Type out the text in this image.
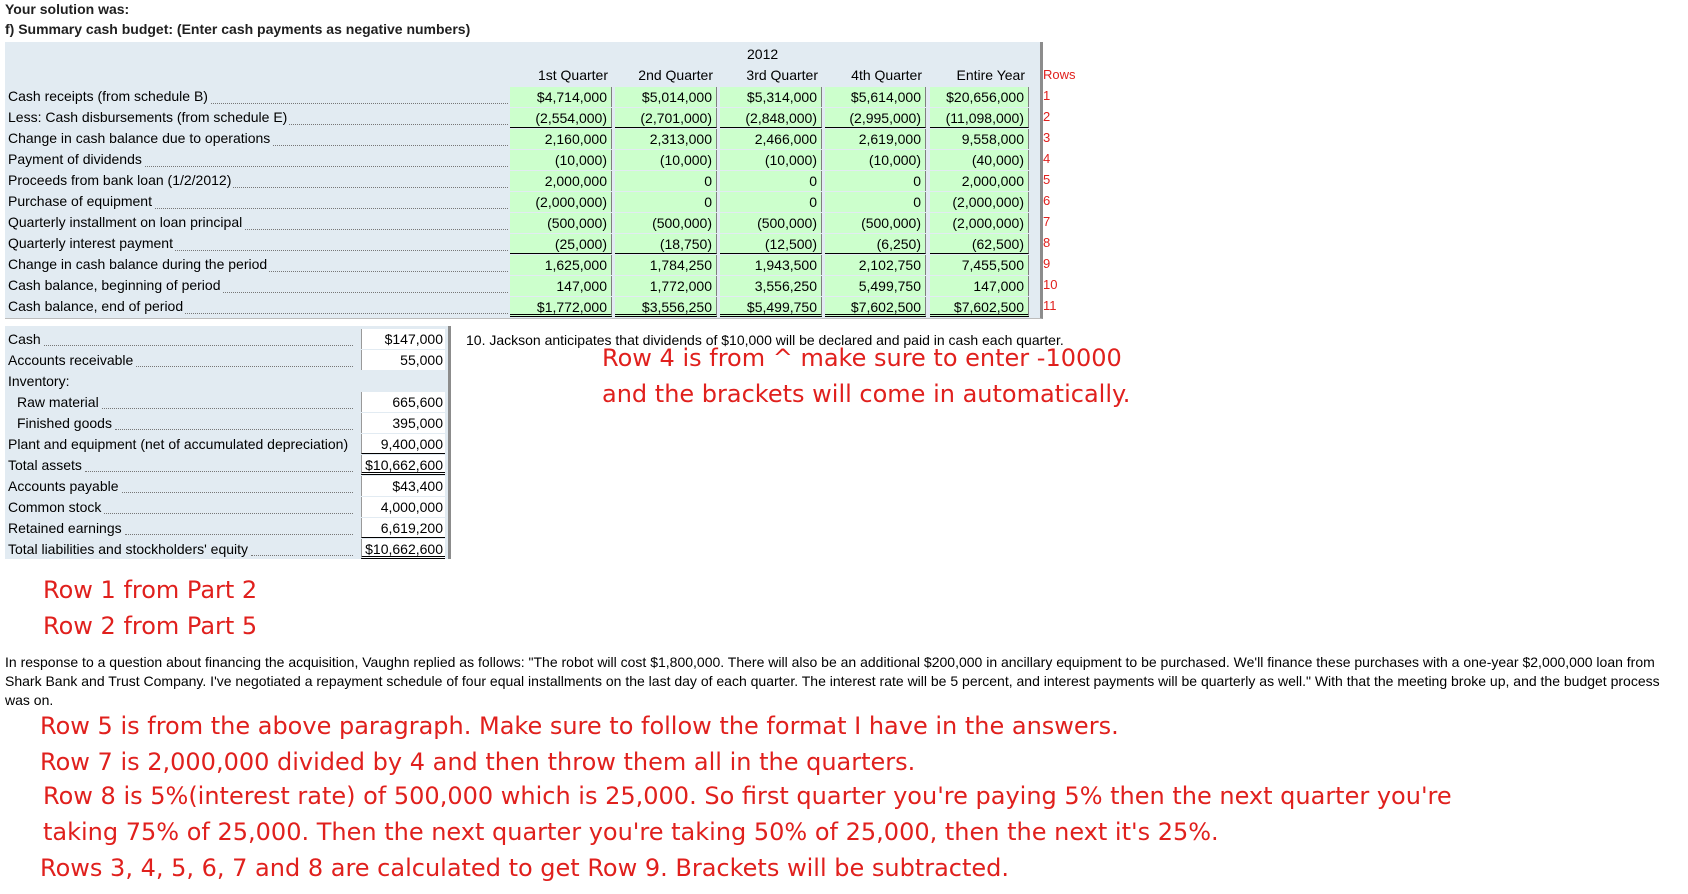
Your solution was:
f) Summary cash budget: (Enter cash payments as negative numbers)
2012
1st Quarter	2nd Quarter	3rd Quarter	4th Quarter	Entire Year
Cash receipts (from schedule B)	$4,714,000	$5,014,000	$5,314,000	$5,614,000	$20,656,000
Less: Cash disbursements (from schedule E)	(2,554,000)	(2,701,000)	(2,848,000)	(2,995,000)	(11,098,000)
Change in cash balance due to operations	2,160,000	2,313,000	2,466,000	2,619,000	9,558,000
Payment of dividends	(10,000)	(10,000)	(10,000)	(10,000)	(40,000)
Proceeds from bank loan (1/2/2012)	2,000,000	0	0	0	2,000,000
Purchase of equipment	(2,000,000)	0	0	0	(2,000,000)
Quarterly installment on loan principal	(500,000)	(500,000)	(500,000)	(500,000)	(2,000,000)
Quarterly interest payment	(25,000)	(18,750)	(12,500)	(6,250)	(62,500)
Change in cash balance during the period	1,625,000	1,784,250	1,943,500	2,102,750	7,455,500
Cash balance, beginning of period	147,000	1,772,000	3,556,250	5,499,750	147,000
Cash balance, end of period	$1,772,000	$3,556,250	$5,499,750	$7,602,500	$7,602,500
Rows
Cash	$147,000
Accounts receivable	55,000
Inventory:
Raw material	665,600
Finished goods	395,000
Plant and equipment (net of accumulated depreciation)	9,400,000
Total assets	$10,662,600
Accounts payable	$43,400
Common stock	4,000,000
Retained earnings	6,619,200
Total liabilities and stockholders' equity	$10,662,600
10. Jackson anticipates that dividends of $10,000 will be declared and paid in cash each quarter.
Row 4 is from ^ make sure to enter -10000
and the brackets will come in automatically.
Row 1 from Part 2
Row 2 from Part 5
In response to a question about financing the acquisition, Vaughn replied as follows: "The robot will cost $1,800,000. There will also be an additional $200,000 in ancillary equipment to be purchased. We'll finance these purchases with a one-year $2,000,000 loan from Shark Bank and Trust Company. I've negotiated a repayment schedule of four equal installments on the last day of each quarter. The interest rate will be 5 percent, and interest payments will be quarterly as well." With that the meeting broke up, and the budget process was on.
Row 5 is from the above paragraph. Make sure to follow the format I have in the answers.
Row 7 is 2,000,000 divided by 4 and then throw them all in the quarters.
Row 8 is 5%(interest rate) of 500,000 which is 25,000. So first quarter you're paying 5% then the next quarter you're
taking 75% of 25,000. Then the next quarter you're taking 50% of 25,000, then the next it's 25%.
Rows 3, 4, 5, 6, 7 and 8 are calculated to get Row 9. Brackets will be subtracted.
1
2
3
4
5
6
7
8
9
10
11
